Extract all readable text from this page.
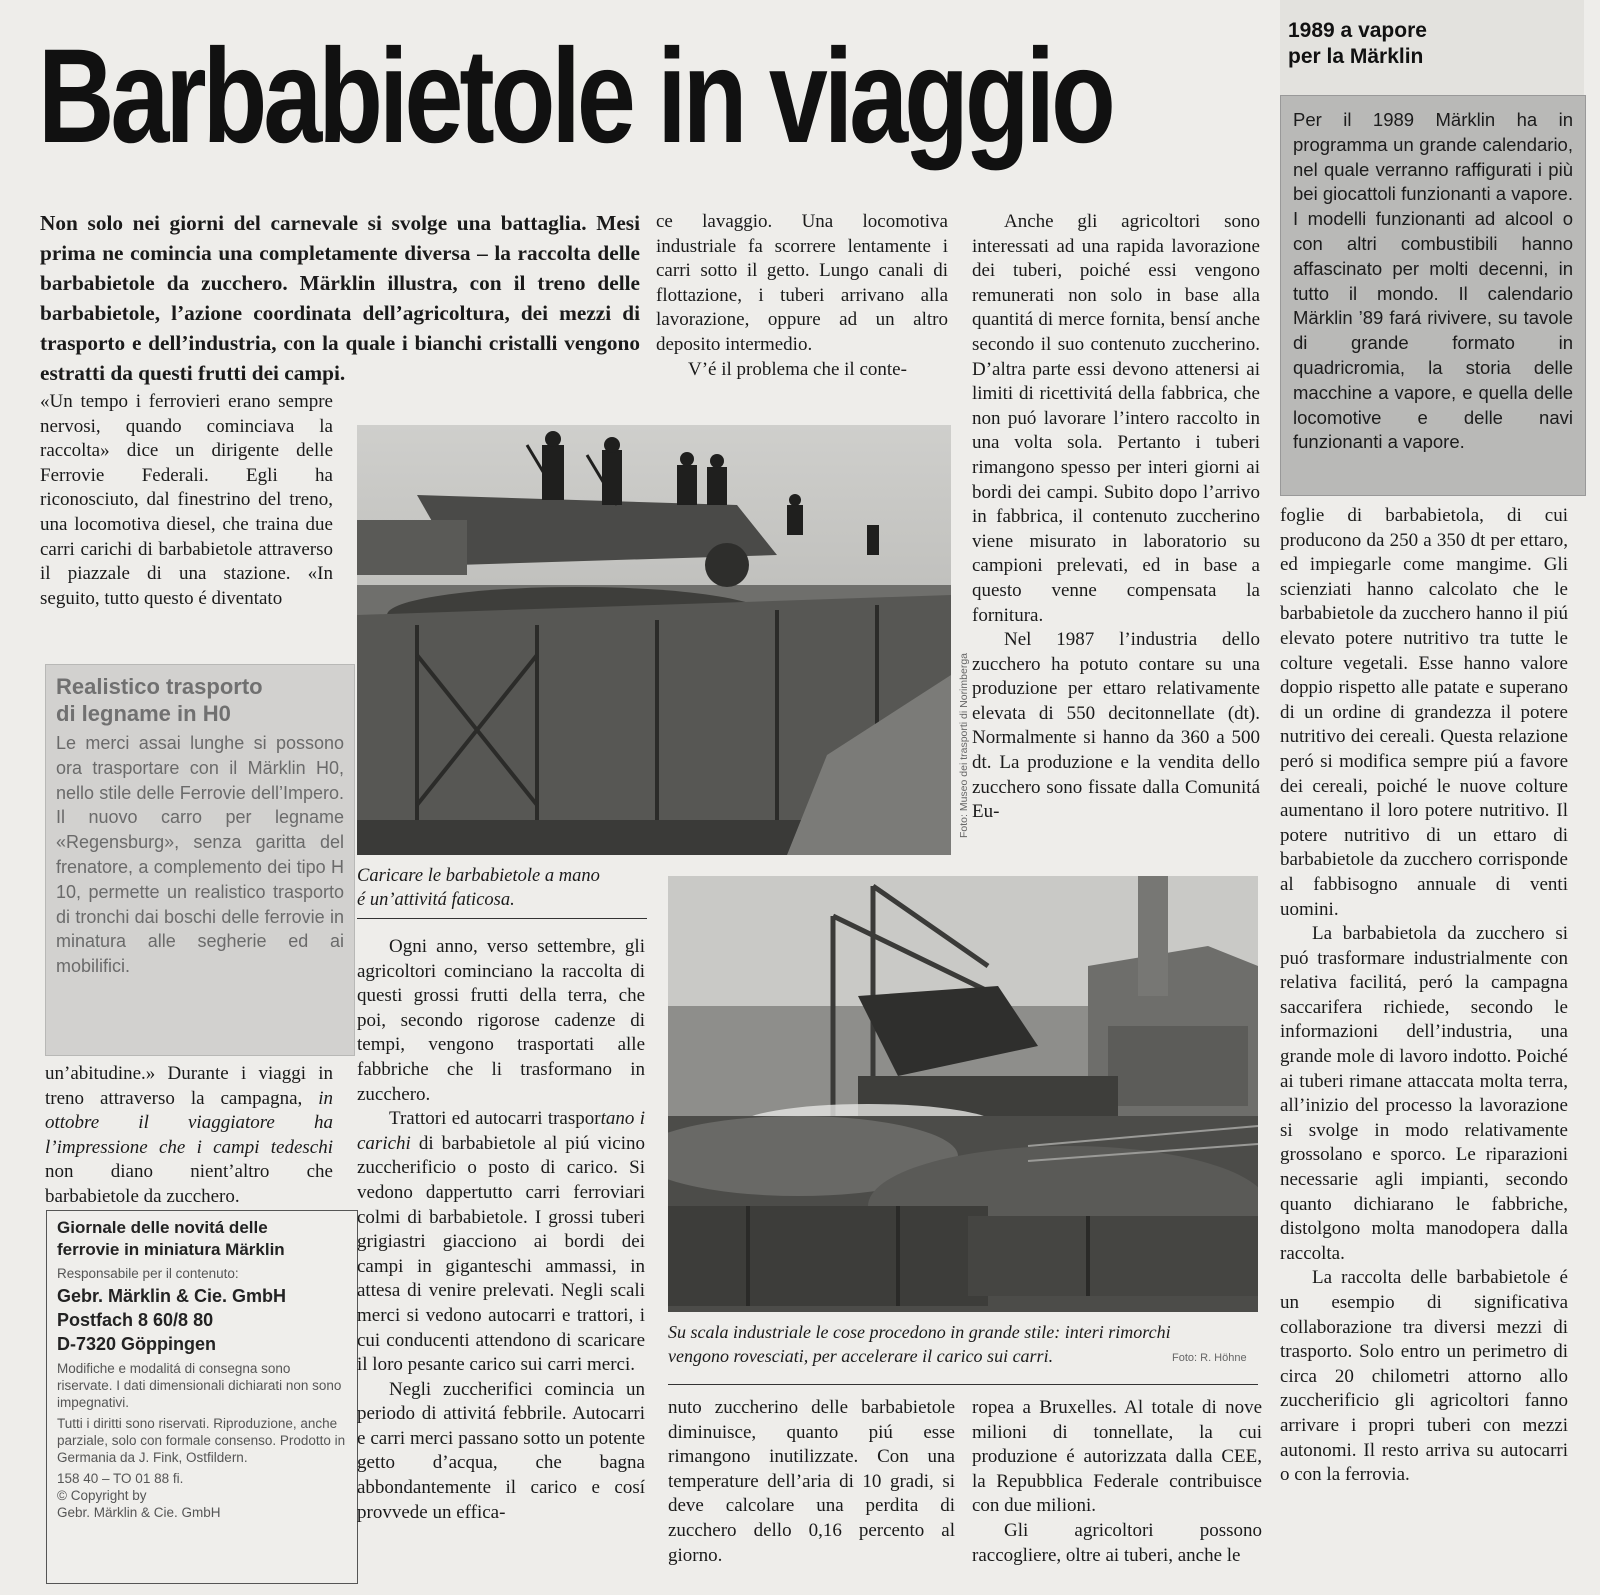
Barbabietole in viaggio	1989 a vapore
per la Märklin

Per il 1989 Märklin ha in programma un grande calendario, nel quale verranno raffigurati i più bei giocattoli funzionanti a vapore. I modelli funzionanti ad alcool o con altri combustibili hanno affascinato per molti decenni, in tutto il mondo. Il calendario Märklin ’89 fará rivivere, su tavole di grande formato in quadricromia, la storia delle macchine a vapore, e quella delle locomotive e delle navi funzionanti a vapore.

Non solo nei giorni del carnevale si svolge una battaglia. Mesi prima ne comincia una completamente diversa – la raccolta delle barbabietole da zucchero. Märklin illustra, con il treno delle barbabietole, l’azione coordinata dell’agricoltura, dei mezzi di trasporto e dell’industria, con la quale i bianchi cristalli vengono estratti da questi frutti dei campi.

«Un tempo i ferrovieri erano sempre nervosi, quando cominciava la raccolta» dice un dirigente delle Ferrovie Federali. Egli ha riconosciuto, dal finestrino del treno, una locomotiva diesel, che traina due carri carichi di barbabietole attraverso il piazzale di una stazione. «In seguito, tutto questo é diventato

Realistico trasporto
di legname in H0

Le merci assai lunghe si possono ora trasportare con il Märklin H0, nello stile delle Ferrovie dell’Impero. Il nuovo carro per legname «Regensburg», senza garitta del frenatore, a complemento dei tipo H 10, permette un realistico trasporto di tronchi dai boschi delle ferrovie in minatura alle segherie ed ai mobilifici.

un’abitudine.» Durante i viaggi in treno attraverso la campagna, in ottobre il viaggiatore ha l’impressione che i campi tedeschi non diano nient’altro che barbabietole da zucchero.

Giornale delle novitá delle
ferrovie in miniatura Märklin

Responsabile per il contenuto:

Gebr. Märklin & Cie. GmbH
Postfach 8 60/8 80
D-7320 Göppingen

Modifiche e modalitá di consegna sono riservate. I dati dimensionali dichiarati non sono impegnativi.

Tutti i diritti sono riservati. Riproduzione, anche parziale, solo con formale consenso. Prodotto in Germania da J. Fink, Ostfildern.

158 40 – TO 01 88 fi.

© Copyright by
Gebr. Märklin & Cie. GmbH

ce lavaggio. Una locomotiva industriale fa scorrere lentamente i carri sotto il getto. Lungo canali di flottazione, i tuberi arrivano alla lavorazione, oppure ad un altro deposito intermedio.

V’é il problema che il conte-

Anche gli agricoltori sono interessati ad una rapida lavorazione dei tuberi, poiché essi vengono remunerati non solo in base alla quantitá di merce fornita, bensí anche secondo il suo contenuto zuccherino. D’altra parte essi devono attenersi ai limiti di ricettivitá della fabbrica, che non puó lavorare l’intero raccolto in una volta sola. Pertanto i tuberi rimangono spesso per interi giorni ai bordi dei campi. Subito dopo l’arrivo in fabbrica, il contenuto zuccherino viene misurato in laboratorio su campioni prelevati, ed in base a questo venne compensata la fornitura.

Nel 1987 l’industria dello zucchero ha potuto contare su una produzione per ettaro relativamente elevata di 550 decitonnellate (dt). Normalmente si hanno da 360 a 500 dt. La produzione e la vendita dello zucchero sono fissate dalla Comunitá Eu-

Foto: Museo dei trasporti di Norimberga
Caricare le barbabietole a mano
é un’attivitá faticosa.

Ogni anno, verso settembre, gli agricoltori cominciano la raccolta di questi grossi frutti della terra, che poi, secondo rigorose cadenze di tempi, vengono trasportati alle fabbriche che li trasformano in zucchero.

Trattori ed autocarri trasportano i carichi di barbabietole al piú vicino zuccherificio o posto di carico. Si vedono dappertutto carri ferroviari colmi di barbabietole. I grossi tuberi grigiastri giacciono ai bordi dei campi in giganteschi ammassi, in attesa di venire prelevati. Negli scali merci si vedono autocarri e trattori, i cui conducenti attendono di scaricare il loro pesante carico sui carri merci.

Negli zuccherifici comincia un periodo di attivitá febbrile. Autocarri e carri merci passano sotto un potente getto d’acqua, che bagna abbondantemente il carico e cosí provvede un effica-

Su scala industriale le cose procedono in grande stile: interi rimorchi
vengono rovesciati, per accelerare il carico sui carri.	Foto: R. Höhne

nuto zuccherino delle barbabietole diminuisce, quanto piú esse rimangono inutilizzate. Con una temperature dell’aria di 10 gradi, si deve calcolare una perdita di zucchero dello 0,16 percento al giorno.

ropea a Bruxelles. Al totale di nove milioni di tonnellate, la cui produzione é autorizzata dalla CEE, la Repubblica Federale contribuisce con due milioni.

Gli agricoltori possono raccogliere, oltre ai tuberi, anche le

foglie di barbabietola, di cui producono da 250 a 350 dt per ettaro, ed impiegarle come mangime. Gli scienziati hanno calcolato che le barbabietole da zucchero hanno il piú elevato potere nutritivo tra tutte le colture vegetali. Esse hanno valore doppio rispetto alle patate e superano di un ordine di grandezza il potere nutritivo dei cereali. Questa relazione peró si modifica sempre piú a favore dei cereali, poiché le nuove colture aumentano il loro potere nutritivo. Il potere nutritivo di un ettaro di barbabietole da zucchero corrisponde al fabbisogno annuale di venti uomini.

La barbabietola da zucchero si puó trasformare industrialmente con relativa facilitá, peró la campagna saccarifera richiede, secondo le informazioni dell’industria, una grande mole di lavoro indotto. Poiché ai tuberi rimane attaccata molta terra, all’inizio del processo la lavorazione si svolge in modo relativamente grossolano e sporco. Le riparazioni necessarie agli impianti, secondo quanto dichiarano le fabbriche, distolgono molta manodopera dalla raccolta.

La raccolta delle barbabietole é un esempio di significativa collaborazione tra diversi mezzi di trasporto. Solo entro un perimetro di circa 20 chilometri attorno allo zuccherificio gli agricoltori fanno arrivare i propri tuberi con mezzi autonomi. Il resto arriva su autocarri o con la ferrovia.
